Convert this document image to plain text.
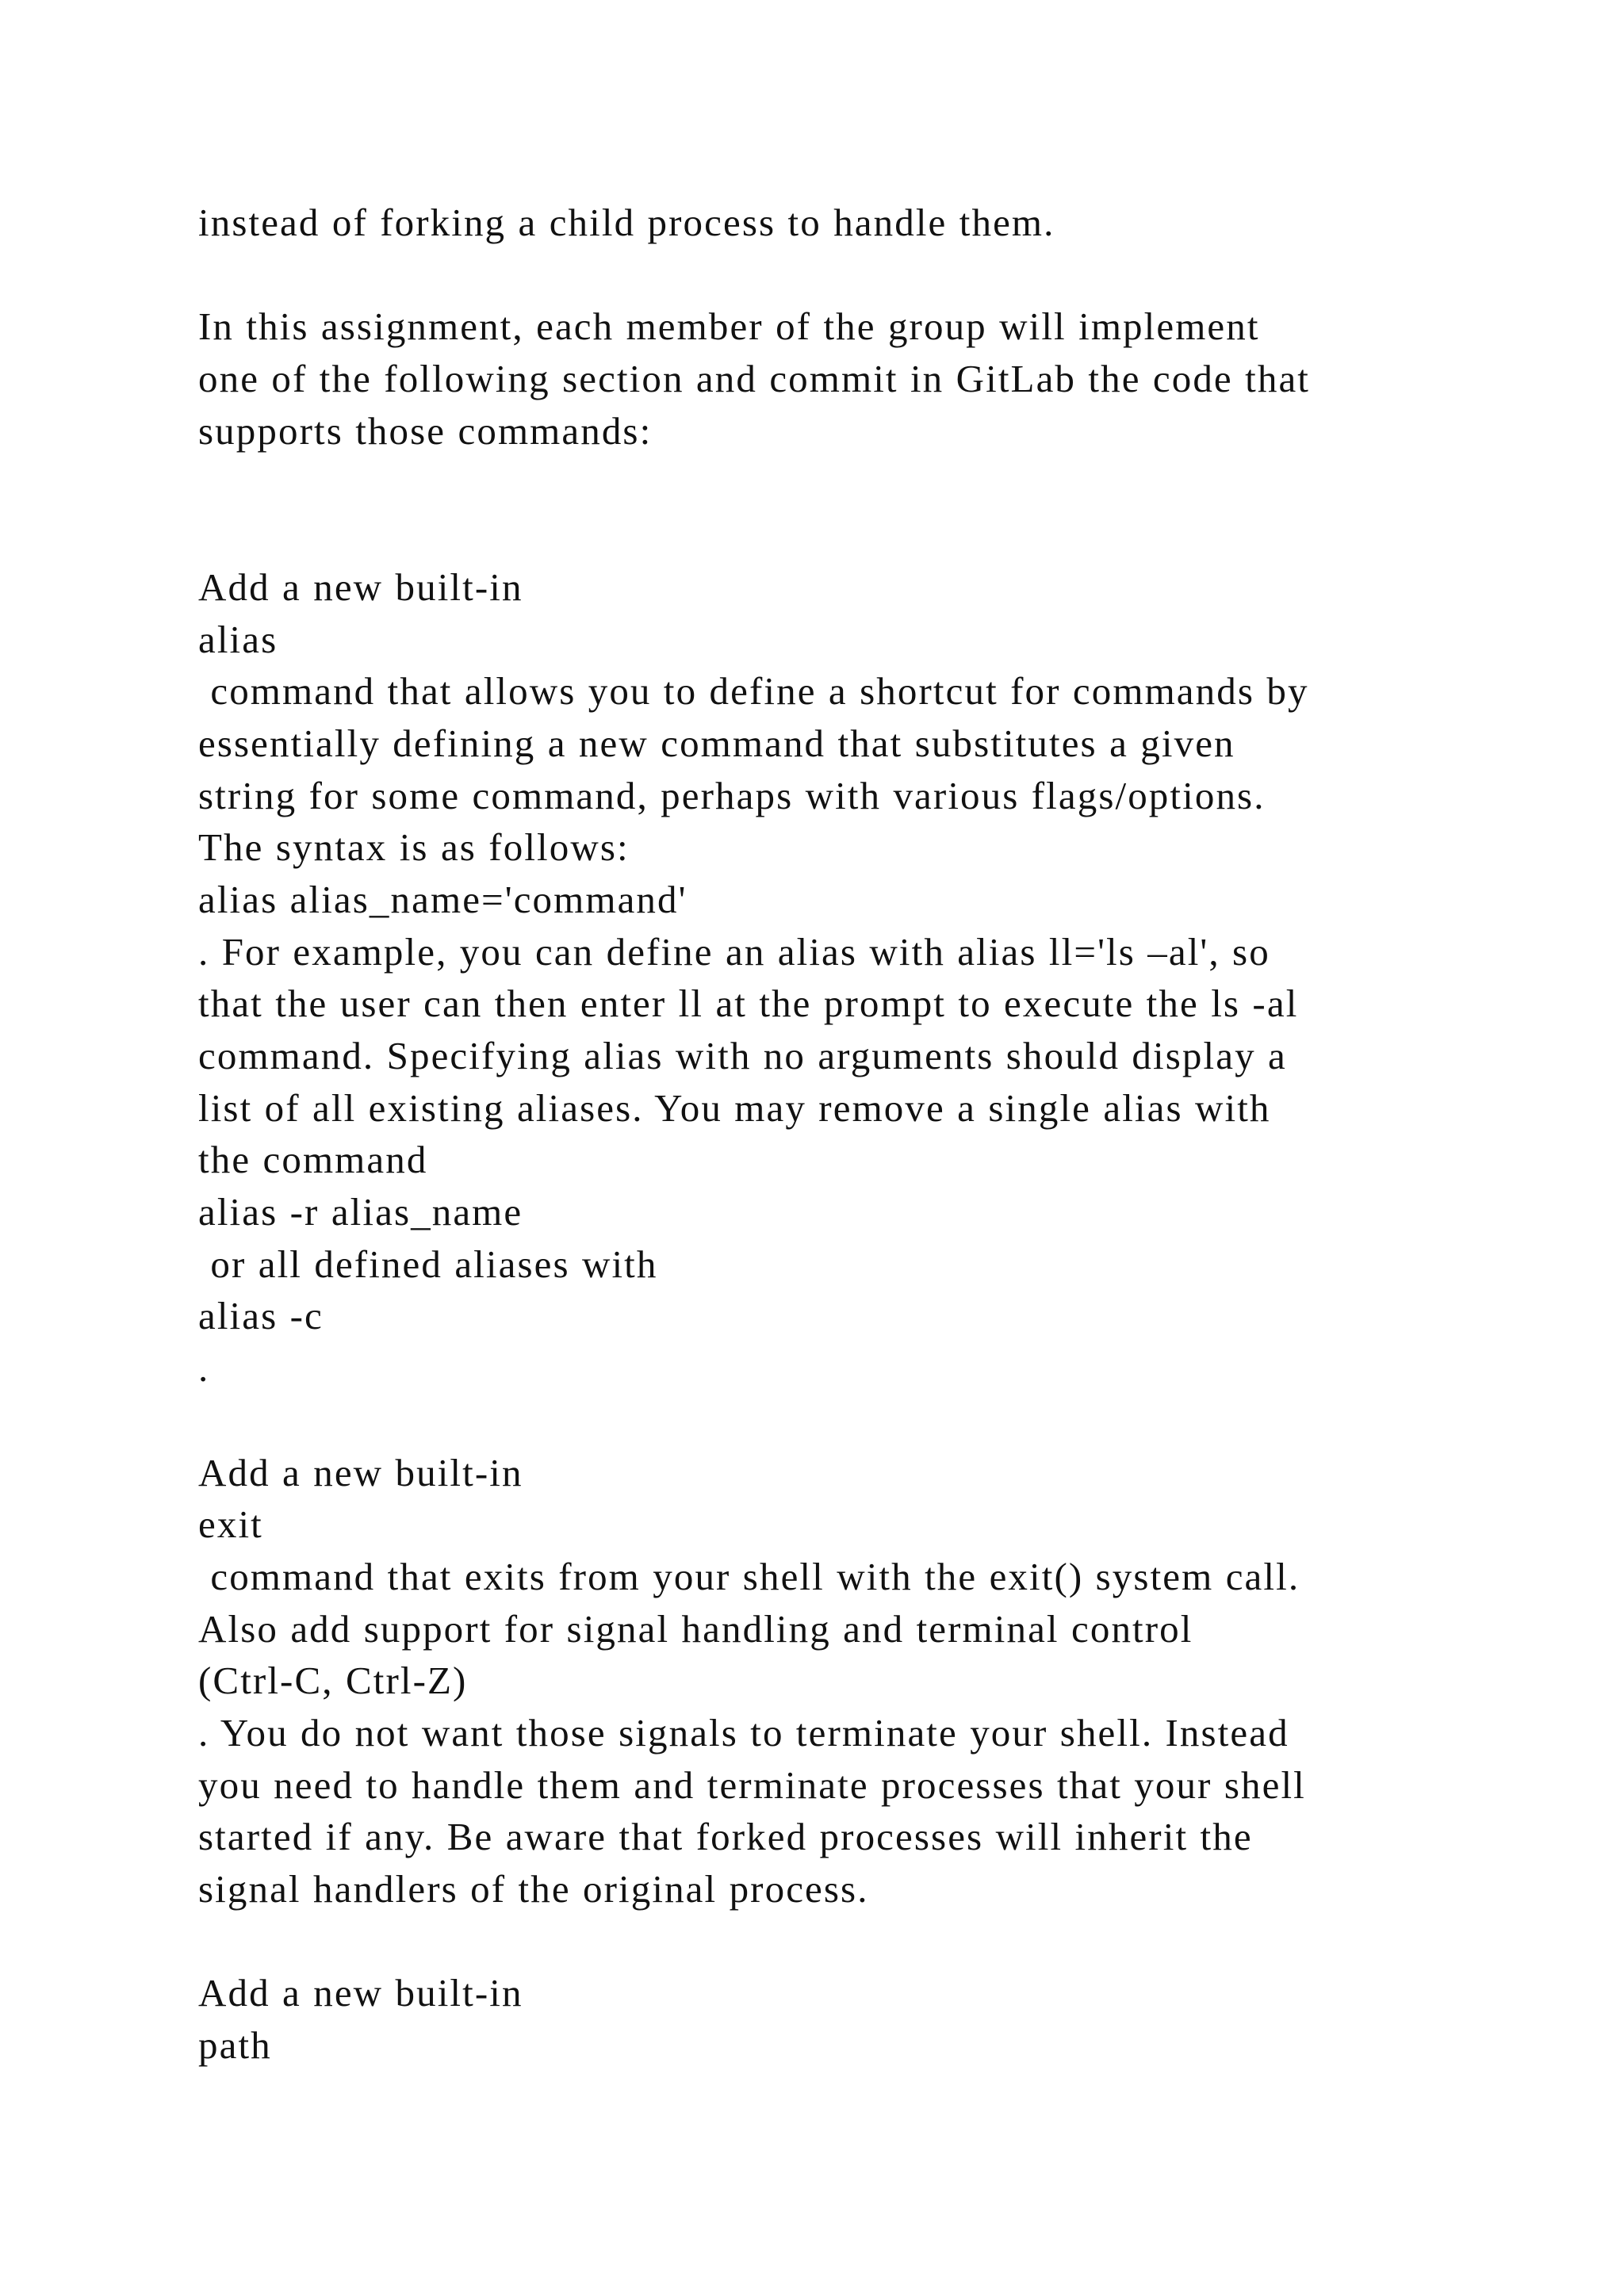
instead of forking a child process to handle them.
In this assignment, each member of the group will implement
one of the following section and commit in GitLab the code that
supports those commands:
Add a new built-in
alias
command that allows you to define a shortcut for commands by
essentially defining a new command that substitutes a given
string for some command, perhaps with various flags/options.
The syntax is as follows:
alias alias_name='command'
. For example, you can define an alias with alias ll='ls –al', so
that the user can then enter ll at the prompt to execute the ls -al
command. Specifying alias with no arguments should display a
list of all existing aliases. You may remove a single alias with
the command
alias -r alias_name
or all defined aliases with
alias -c
.
Add a new built-in
exit
command that exits from your shell with the exit() system call.
Also add support for signal handling and terminal control
(Ctrl-C, Ctrl-Z)
. You do not want those signals to terminate your shell. Instead
you need to handle them and terminate processes that your shell
started if any. Be aware that forked processes will inherit the
signal handlers of the original process.
Add a new built-in
path
